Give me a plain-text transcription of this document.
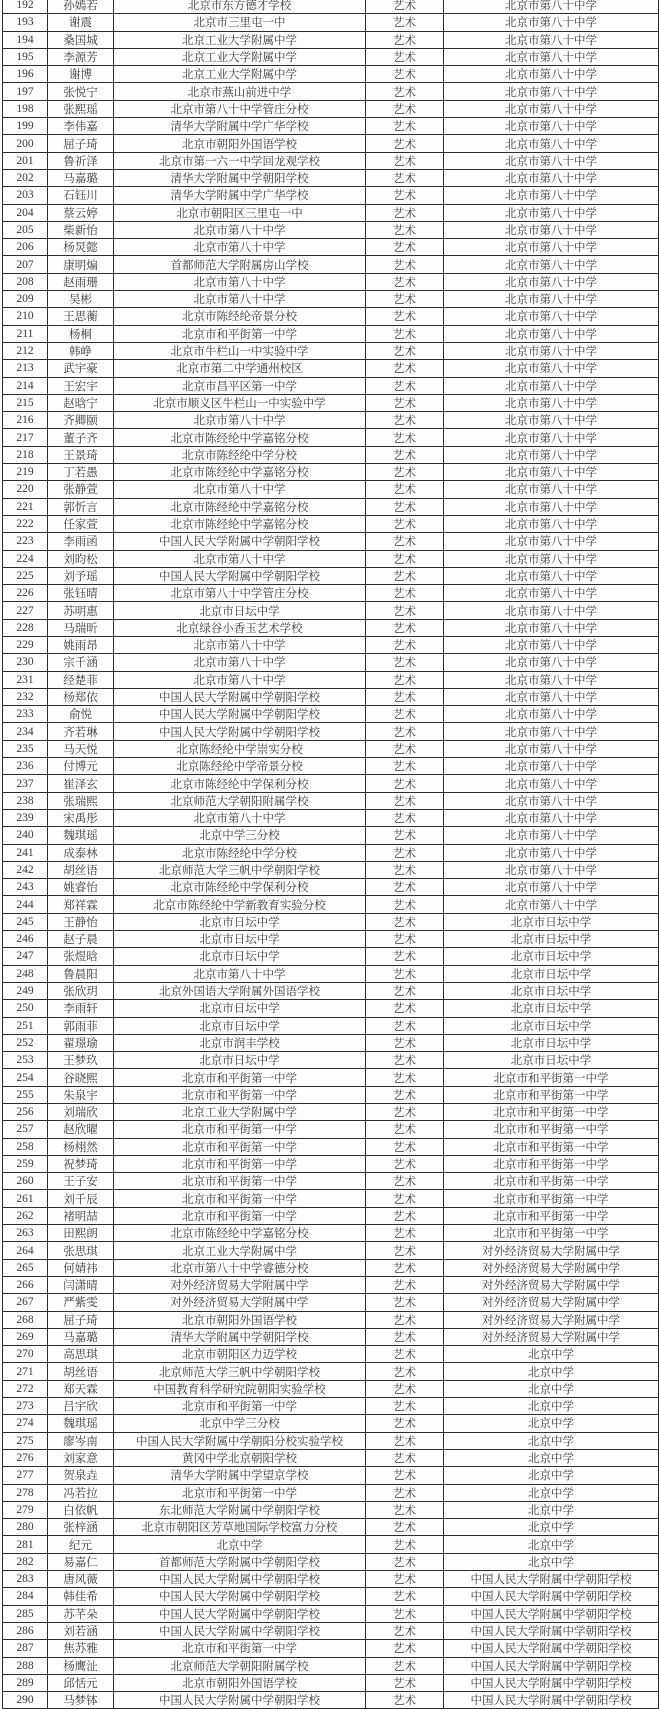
192	孙嫣若	北京市东方德才学校	艺术	北京市第八十中学
193	谢震	北京市三里屯一中	艺术	北京市第八十中学
194	桑国城	北京工业大学附属中学	艺术	北京市第八十中学
195	李源芳	北京工业大学附属中学	艺术	北京市第八十中学
196	谢博	北京工业大学附属中学	艺术	北京市第八十中学
197	张悦宁	北京市燕山前进中学	艺术	北京市第八十中学
198	张熙瑶	北京市第八十中学管庄分校	艺术	北京市第八十中学
199	李伟嘉	清华大学附属中学广华学校	艺术	北京市第八十中学
200	屈子琦	北京市朝阳外国语学校	艺术	北京市第八十中学
201	鲁祈泽	北京市第一六一中学回龙观学校	艺术	北京市第八十中学
202	马嘉璐	清华大学附属中学朝阳学校	艺术	北京市第八十中学
203	石钰川	清华大学附属中学广华学校	艺术	北京市第八十中学
204	蔡云婷	北京市朝阳区三里屯一中	艺术	北京市第八十中学
205	柴新怡	北京市第八十中学	艺术	北京市第八十中学
206	杨炅懿	北京市第八十中学	艺术	北京市第八十中学
207	康明煸	首都师范大学附属房山学校	艺术	北京市第八十中学
208	赵雨珊	北京市第八十中学	艺术	北京市第八十中学
209	吴彬	北京市第八十中学	艺术	北京市第八十中学
210	王思蘅	北京市陈经纶帝景分校	艺术	北京市第八十中学
211	杨桐	北京市和平街第一中学	艺术	北京市第八十中学
212	韩峥	北京市牛栏山一中实验中学	艺术	北京市第八十中学
213	武宇豪	北京市第二中学通州校区	艺术	北京市第八十中学
214	王宏宇	北京市昌平区第一中学	艺术	北京市第八十中学
215	赵晗宁	北京市顺义区牛栏山一中实验中学	艺术	北京市第八十中学
216	齐卿颐	北京市第八十中学	艺术	北京市第八十中学
217	董子齐	北京市陈经纶中学嘉铭分校	艺术	北京市第八十中学
218	王景琦	北京市陈经纶中学分校	艺术	北京市第八十中学
219	丁若愚	北京市陈经纶中学嘉铭分校	艺术	北京市第八十中学
220	张静萱	北京市第八十中学	艺术	北京市第八十中学
221	郭忻言	北京市陈经纶中学嘉铭分校	艺术	北京市第八十中学
222	任家萱	北京市陈经纶中学嘉铭分校	艺术	北京市第八十中学
223	李雨函	中国人民大学附属中学朝阳学校	艺术	北京市第八十中学
224	刘昀松	北京市第八十中学	艺术	北京市第八十中学
225	刘予瑶	中国人民大学附属中学朝阳学校	艺术	北京市第八十中学
226	张钰晴	北京市第八十中学管庄分校	艺术	北京市第八十中学
227	苏明惠	北京市日坛中学	艺术	北京市第八十中学
228	马瑞昕	北京绿谷小香玉艺术学校	艺术	北京市第八十中学
229	姚雨昂	北京市第八十中学	艺术	北京市第八十中学
230	宗千涵	北京市第八十中学	艺术	北京市第八十中学
231	经楚菲	北京市第八十中学	艺术	北京市第八十中学
232	杨郑依	中国人民大学附属中学朝阳学校	艺术	北京市第八十中学
233	俞悦	中国人民大学附属中学朝阳学校	艺术	北京市第八十中学
234	齐若琳	中国人民大学附属中学朝阳学校	艺术	北京市第八十中学
235	马天悦	北京陈经纶中学崇实分校	艺术	北京市第八十中学
236	付博元	北京陈经纶中学帝景分校	艺术	北京市第八十中学
237	崔泽玄	北京市陈经纶中学保利分校	艺术	北京市第八十中学
238	张瑞熙	北京师范大学朝阳附属学校	艺术	北京市第八十中学
239	宋禹彤	北京市第八十中学	艺术	北京市第八十中学
240	魏琪瑶	北京中学三分校	艺术	北京市第八十中学
241	成泰林	北京市陈经纶中学分校	艺术	北京市第八十中学
242	胡丝语	北京师范大学三帆中学朝阳学校	艺术	北京市第八十中学
243	姚睿怡	北京市陈经纶中学保利分校	艺术	北京市第八十中学
244	郑祥霖	北京市陈经纶中学新教育实验分校	艺术	北京市第八十中学
245	王静怡	北京市日坛中学	艺术	北京市日坛中学
246	赵子晨	北京市日坛中学	艺术	北京市日坛中学
247	张煜晗	北京市日坛中学	艺术	北京市日坛中学
248	鲁晨阳	北京市第八十中学	艺术	北京市日坛中学
249	张欣玥	北京外国语大学附属外国语学校	艺术	北京市日坛中学
250	李雨轩	北京市日坛中学	艺术	北京市日坛中学
251	郭雨菲	北京市日坛中学	艺术	北京市日坛中学
252	翟璟瑜	北京市润丰学校	艺术	北京市日坛中学
253	王梦玖	北京市日坛中学	艺术	北京市日坛中学
254	谷晓熙	北京市和平街第一中学	艺术	北京市和平街第一中学
255	朱泉宇	北京市和平街第一中学	艺术	北京市和平街第一中学
256	刘瑞欣	北京工业大学附属中学	艺术	北京市和平街第一中学
257	赵欣曜	北京市和平街第一中学	艺术	北京市和平街第一中学
258	杨栩然	北京市和平街第一中学	艺术	北京市和平街第一中学
259	祝梦琦	北京市和平街第一中学	艺术	北京市和平街第一中学
260	王子安	北京市和平街第一中学	艺术	北京市和平街第一中学
261	刘千辰	北京市和平街第一中学	艺术	北京市和平街第一中学
262	褚明喆	北京市和平街第一中学	艺术	北京市和平街第一中学
263	田熙朗	北京市陈经纶中学嘉铭分校	艺术	北京市和平街第一中学
264	张思琪	北京工业大学附属中学	艺术	对外经济贸易大学附属中学
265	何婧祎	北京市第八十中学睿德分校	艺术	对外经济贸易大学附属中学
266	闫潇晴	对外经济贸易大学附属中学	艺术	对外经济贸易大学附属中学
267	严紫雯	对外经济贸易大学附属中学	艺术	对外经济贸易大学附属中学
268	屈子琦	北京市朝阳外国语学校	艺术	对外经济贸易大学附属中学
269	马嘉璐	清华大学附属中学朝阳学校	艺术	对外经济贸易大学附属中学
270	高思琪	北京市朝阳区力迈学校	艺术	北京中学
271	胡丝语	北京师范大学三帆中学朝阳学校	艺术	北京中学
272	郑天霖	中国教育科学研究院朝阳实验学校	艺术	北京中学
273	吕宇欣	北京市和平街第一中学	艺术	北京中学
274	魏琪瑶	北京中学三分校	艺术	北京中学
275	廖岑南	中国人民大学附属中学朝阳分校实验学校	艺术	北京中学
276	刘家意	黄冈中学北京朝阳学校	艺术	北京中学
277	贺泉垚	清华大学附属中学望京学校	艺术	北京中学
278	冯若拉	北京市和平街第一中学	艺术	北京中学
279	白依帆	东北师范大学附属中学朝阳学校	艺术	北京中学
280	张梓涵	北京市朝阳区芳草地国际学校富力分校	艺术	北京中学
281	纪元	北京中学	艺术	北京中学
282	易嘉仁	首都师范大学附属中学朝阳学校	艺术	北京中学
283	唐风薇	中国人民大学附属中学朝阳学校	艺术	中国人民大学附属中学朝阳学校
284	韩佳希	中国人民大学附属中学朝阳学校	艺术	中国人民大学附属中学朝阳学校
285	苏芊朵	中国人民大学附属中学朝阳学校	艺术	中国人民大学附属中学朝阳学校
286	刘若涵	中国人民大学附属中学朝阳学校	艺术	中国人民大学附属中学朝阳学校
287	焦苏雅	北京市和平街第一中学	艺术	中国人民大学附属中学朝阳学校
288	杨鹰沚	北京师范大学朝阳附属学校	艺术	中国人民大学附属中学朝阳学校
289	邱恬元	北京市朝阳外国语学校	艺术	中国人民大学附属中学朝阳学校
290	马梦钵	中国人民大学附属中学朝阳学校	艺术	中国人民大学附属中学朝阳学校
